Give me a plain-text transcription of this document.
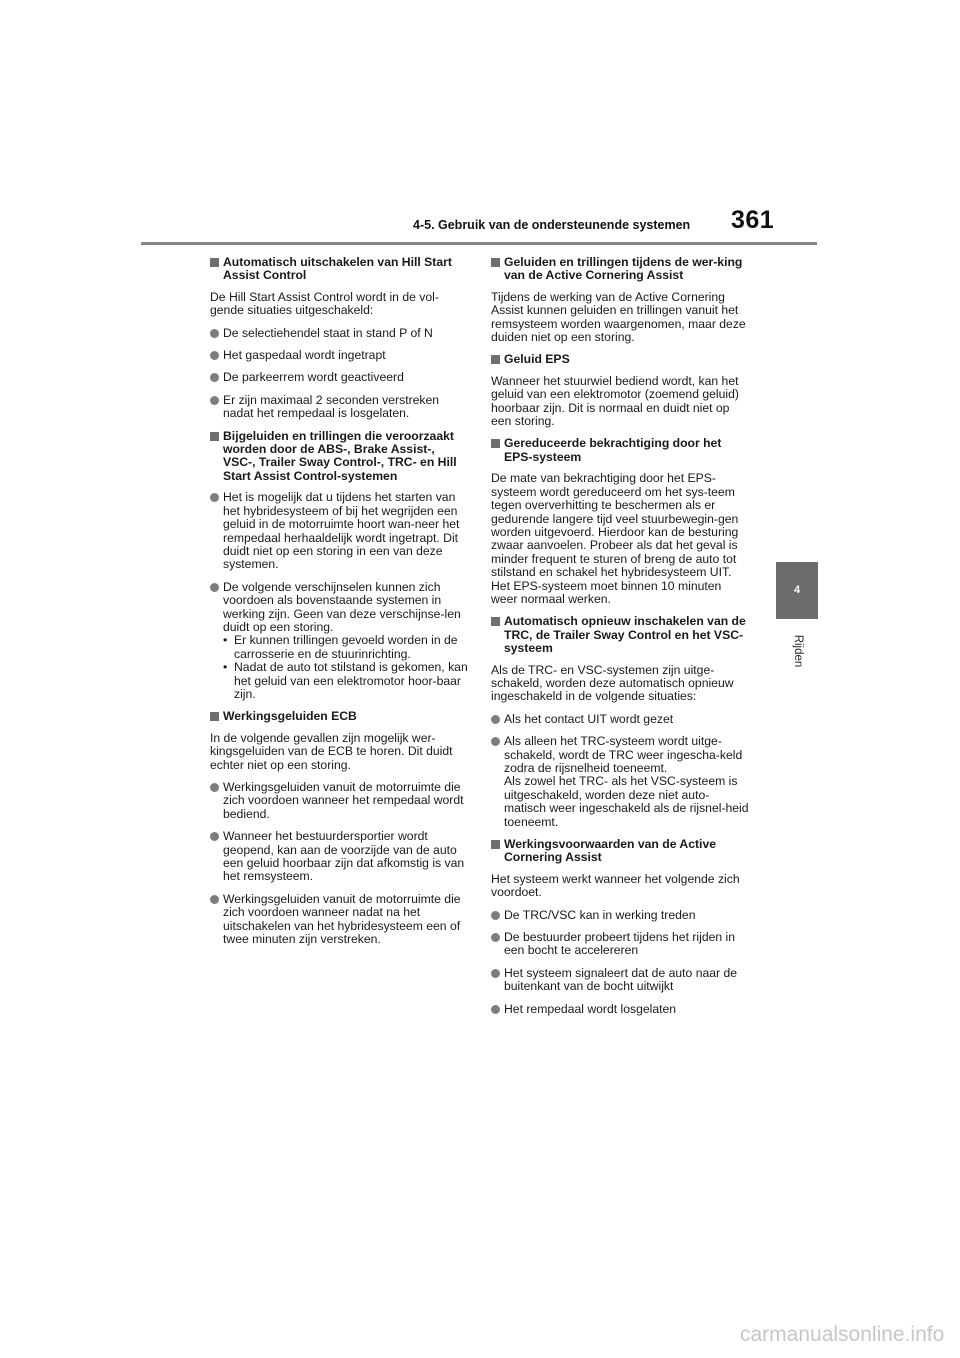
361
4-5. Gebruik van de ondersteunende systemen
4
Rijden
Automatisch uitschakelen van Hill Start Assist Control
De Hill Start Assist Control wordt in de vol-gende situaties uitgeschakeld:
De selectiehendel staat in stand P of N
Het gaspedaal wordt ingetrapt
De parkeerrem wordt geactiveerd
Er zijn maximaal 2 seconden verstreken nadat het rempedaal is losgelaten.
Bijgeluiden en trillingen die veroorzaakt worden door de ABS-, Brake Assist-, VSC-, Trailer Sway Control-, TRC- en Hill Start Assist Control-systemen
Het is mogelijk dat u tijdens het starten van het hybridesysteem of bij het wegrijden een geluid in de motorruimte hoort wan-neer het rempedaal herhaaldelijk wordt ingetrapt. Dit duidt niet op een storing in een van deze systemen.
De volgende verschijnselen kunnen zich voordoen als bovenstaande systemen in werking zijn. Geen van deze verschijnse-len duidt op een storing.
• Er kunnen trillingen gevoeld worden in de carrosserie en de stuurinrichting.
• Nadat de auto tot stilstand is gekomen, kan het geluid van een elektromotor hoor-baar zijn.
Werkingsgeluiden ECB
In de volgende gevallen zijn mogelijk wer-kingsgeluiden van de ECB te horen. Dit duidt echter niet op een storing.
Werkingsgeluiden vanuit de motorruimte die zich voordoen wanneer het rempedaal wordt bediend.
Wanneer het bestuurdersportier wordt geopend, kan aan de voorzijde van de auto een geluid hoorbaar zijn dat afkomstig is van het remsysteem.
Werkingsgeluiden vanuit de motorruimte die zich voordoen wanneer nadat na het uitschakelen van het hybridesysteem een of twee minuten zijn verstreken.
Geluiden en trillingen tijdens de wer-king van de Active Cornering Assist
Tijdens de werking van de Active Cornering Assist kunnen geluiden en trillingen vanuit het remsysteem worden waargenomen, maar deze duiden niet op een storing.
Geluid EPS
Wanneer het stuurwiel bediend wordt, kan het geluid van een elektromotor (zoemend geluid) hoorbaar zijn. Dit is normaal en duidt niet op een storing.
Gereduceerde bekrachtiging door het EPS-systeem
De mate van bekrachtiging door het EPS-systeem wordt gereduceerd om het sys-teem tegen oververhitting te beschermen als er gedurende langere tijd veel stuurbewegin-gen worden uitgevoerd. Hierdoor kan de besturing zwaar aanvoelen. Probeer als dat het geval is minder frequent te sturen of breng de auto tot stilstand en schakel het hybridesysteem UIT. Het EPS-systeem moet binnen 10 minuten weer normaal werken.
Automatisch opnieuw inschakelen van de TRC, de Trailer Sway Control en het VSC-systeem
Als de TRC- en VSC-systemen zijn uitge-schakeld, worden deze automatisch opnieuw ingeschakeld in de volgende situaties:
Als het contact UIT wordt gezet
Als alleen het TRC-systeem wordt uitge-schakeld, wordt de TRC weer ingescha-keld zodra de rijsnelheid toeneemt.
Als zowel het TRC- als het VSC-systeem is uitgeschakeld, worden deze niet auto-matisch weer ingeschakeld als de rijsnel-heid toeneemt.
Werkingsvoorwaarden van de Active Cornering Assist
Het systeem werkt wanneer het volgende zich voordoet.
De TRC/VSC kan in werking treden
De bestuurder probeert tijdens het rijden in een bocht te accelereren
Het systeem signaleert dat de auto naar de buitenkant van de bocht uitwijkt
Het rempedaal wordt losgelaten
carmanualsonline.info
